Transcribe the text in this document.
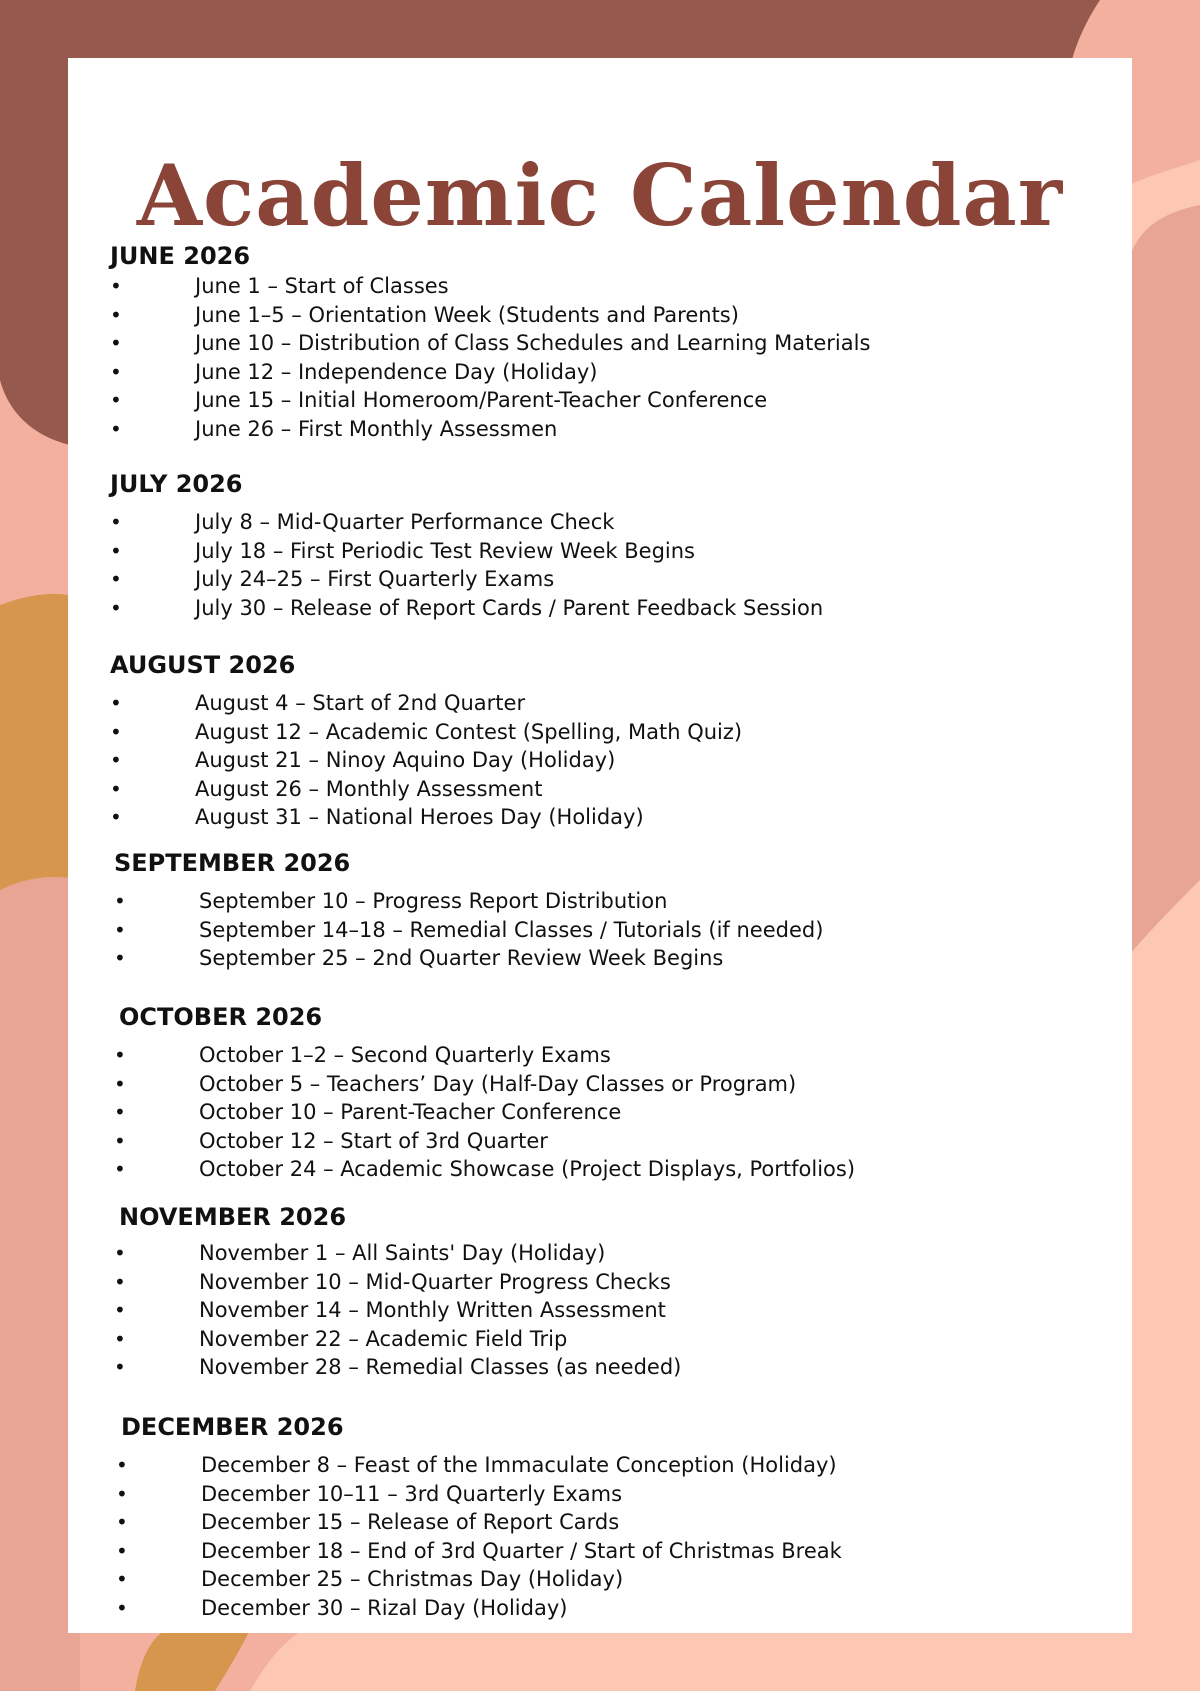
Academic Calendar
JUNE 2026
•	June 1 – Start of Classes
•	June 1–5 – Orientation Week (Students and Parents)
•	June 10 – Distribution of Class Schedules and Learning Materials
•	June 12 – Independence Day (Holiday)
•	June 15 – Initial Homeroom/Parent-Teacher Conference
•	June 26 – First Monthly Assessmen
JULY 2026
•	July 8 – Mid-Quarter Performance Check
•	July 18 – First Periodic Test Review Week Begins
•	July 24–25 – First Quarterly Exams
•	July 30 – Release of Report Cards / Parent Feedback Session
AUGUST 2026
•	August 4 – Start of 2nd Quarter
•	August 12 – Academic Contest (Spelling, Math Quiz)
•	August 21 – Ninoy Aquino Day (Holiday)
•	August 26 – Monthly Assessment
•	August 31 – National Heroes Day (Holiday)
SEPTEMBER 2026
•	September 10 – Progress Report Distribution
•	September 14–18 – Remedial Classes / Tutorials (if needed)
•	September 25 – 2nd Quarter Review Week Begins
OCTOBER 2026
•	October 1–2 – Second Quarterly Exams
•	October 5 – Teachers’ Day (Half-Day Classes or Program)
•	October 10 – Parent-Teacher Conference
•	October 12 – Start of 3rd Quarter
•	October 24 – Academic Showcase (Project Displays, Portfolios)
NOVEMBER 2026
•	November 1 – All Saints' Day (Holiday)
•	November 10 – Mid-Quarter Progress Checks
•	November 14 – Monthly Written Assessment
•	November 22 – Academic Field Trip
•	November 28 – Remedial Classes (as needed)
DECEMBER 2026
•	December 8 – Feast of the Immaculate Conception (Holiday)
•	December 10–11 – 3rd Quarterly Exams
•	December 15 – Release of Report Cards
•	December 18 – End of 3rd Quarter / Start of Christmas Break
•	December 25 – Christmas Day (Holiday)
•	December 30 – Rizal Day (Holiday)
